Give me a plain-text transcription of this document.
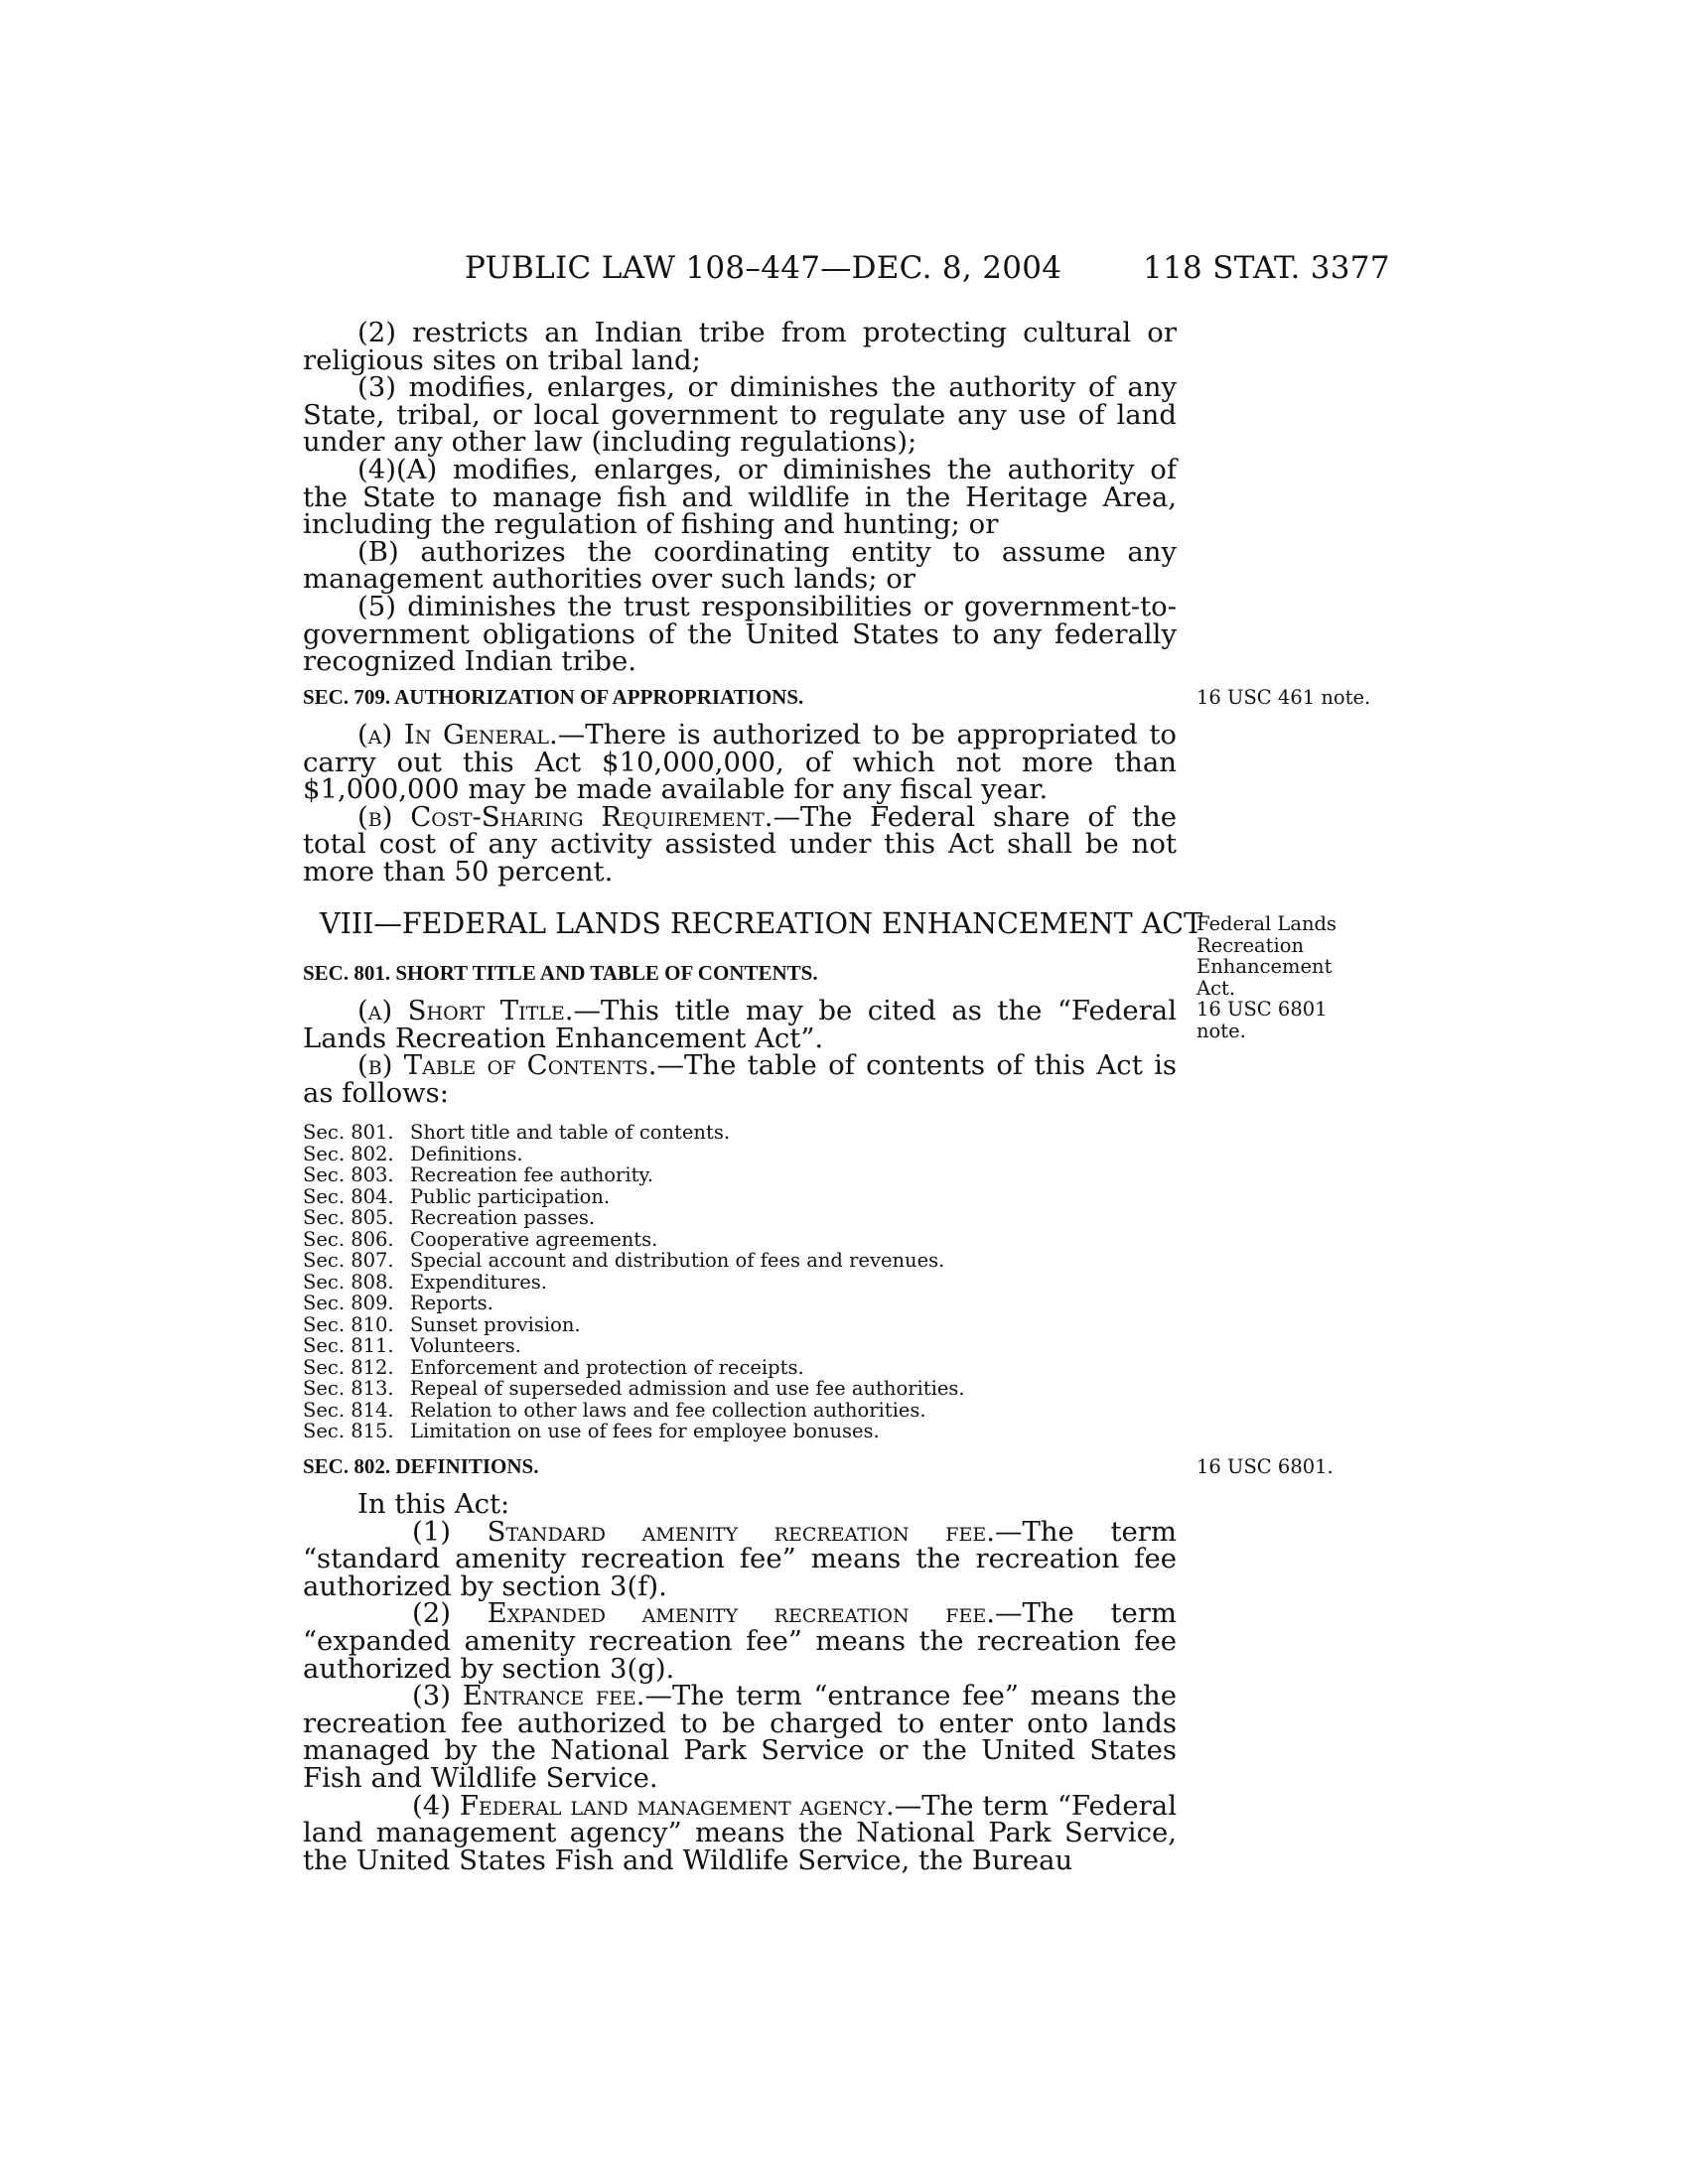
PUBLIC LAW 108–447—DEC. 8, 2004	118 STAT. 3377

(2) restricts an Indian tribe from protecting cultural or religious sites on tribal land;

(3) modifies, enlarges, or diminishes the authority of any State, tribal, or local government to regulate any use of land under any other law (including regulations);

(4)(A) modifies, enlarges, or diminishes the authority of the State to manage fish and wildlife in the Heritage Area, including the regulation of fishing and hunting; or

(B) authorizes the coordinating entity to assume any management authorities over such lands; or

(5) diminishes the trust responsibilities or government-to-government obligations of the United States to any federally recognized Indian tribe.

SEC. 709. AUTHORIZATION OF APPROPRIATIONS.	16 USC 461 note.

(a) In General.—There is authorized to be appropriated to carry out this Act $10,000,000, of which not more than $1,000,000 may be made available for any fiscal year.

(b) Cost-Sharing Requirement.—The Federal share of the total cost of any activity assisted under this Act shall be not more than 50 percent.

VIII—FEDERAL LANDS RECREATION ENHANCEMENT ACT
Federal Lands
Recreation
Enhancement
Act.
16 USC 6801
note.
SEC. 801. SHORT TITLE AND TABLE OF CONTENTS.

(a) Short Title.—This title may be cited as the “Federal Lands Recreation Enhancement Act”.

(b) Table of Contents.—The table of contents of this Act is as follows:

Sec. 801. Short title and table of contents.
Sec. 802. Definitions.
Sec. 803. Recreation fee authority.
Sec. 804. Public participation.
Sec. 805. Recreation passes.
Sec. 806. Cooperative agreements.
Sec. 807. Special account and distribution of fees and revenues.
Sec. 808. Expenditures.
Sec. 809. Reports.
Sec. 810. Sunset provision.
Sec. 811. Volunteers.
Sec. 812. Enforcement and protection of receipts.
Sec. 813. Repeal of superseded admission and use fee authorities.
Sec. 814. Relation to other laws and fee collection authorities.
Sec. 815. Limitation on use of fees for employee bonuses.
SEC. 802. DEFINITIONS.	16 USC 6801.

In this Act:

(1) Standard amenity recreation fee.—The term “standard amenity recreation fee” means the recreation fee authorized by section 3(f).

(2) Expanded amenity recreation fee.—The term “expanded amenity recreation fee” means the recreation fee authorized by section 3(g).

(3) Entrance fee.—The term “entrance fee” means the recreation fee authorized to be charged to enter onto lands managed by the National Park Service or the United States Fish and Wildlife Service.

(4) Federal land management agency.—The term “Federal land management agency” means the National Park Service, the United States Fish and Wildlife Service, the Bureau
